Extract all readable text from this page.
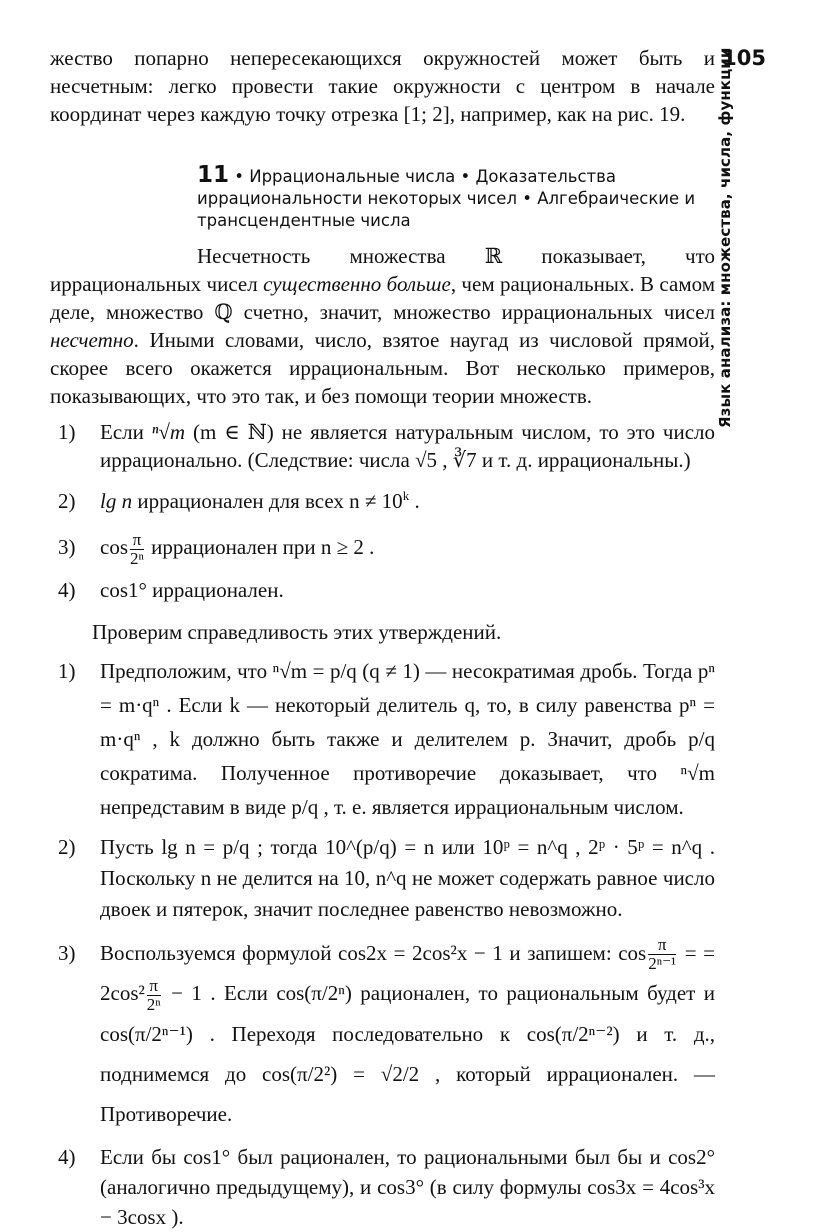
105
Язык анализа: множества, числа, функции

жество попарно непересекающихся окружностей может быть и несчетным: легко провести такие окружности с центром в начале координат через каждую точку отрезка [1; 2], например, как на рис. 19.

11 • Иррациональные числа • Доказательства иррациональности некоторых чисел • Алгебраические и трансцендентные числа

Несчетность множества ℝ показывает, что иррациональных чисел существенно больше, чем рациональных. В самом деле, множество ℚ счетно, значит, множество иррациональных чисел несчетно. Иными словами, число, взятое наугад из числовой прямой, скорее всего окажется иррациональным. Вот несколько примеров, показывающих, что это так, и без помощи теории множеств.

1)	Если ⁿ√m (m ∈ ℕ) не является натуральным числом, то это число иррационально. (Следствие: числа √5 , ∛7 и т. д. иррациональны.)
2)	lg n иррационален для всех $n \ne 10^k$ .
3)	$\cos \frac{\pi}{\text{2ⁿ}}$ иррационален при n ≥ 2 .
4)	cos1° иррационален.

Проверим справедливость этих утверждений.

1)	Предположим, что ⁿ√m = p/q (q ≠ 1) — несократимая дробь. Тогда pⁿ = m·qⁿ . Если k — некоторый делитель q, то, в силу равенства pⁿ = m·qⁿ , k должно быть также и делителем p. Значит, дробь p/q сократима. Полученное противоречие доказывает, что ⁿ√m непредставим в виде p/q , т. е. является иррациональным числом.
2)	Пусть lg n = p/q ; тогда 10^(p/q) = n или 10ᵖ = n^q , 2ᵖ · 5ᵖ = n^q . Поскольку n не делится на 10, n^q не может содержать равное число двоек и пятерок, значит последнее равенство невозможно.
3)	Воспользуемся формулой cos2x = 2cos²x − 1 и запишем: $\cos \frac{\pi}{\text{2ⁿ⁻¹}}$ = = $2\cos^2 \frac{\pi}{\text{2ⁿ}} - 1$ . Если cos(π/2ⁿ) рационален, то рациональным будет и cos(π/2ⁿ⁻¹) . Переходя последовательно к cos(π/2ⁿ⁻²) и т. д., поднимемся до cos(π/2²) = √2/2 , который иррационален. — Противоречие.
4)	Если бы cos1° был рационален, то рациональными был бы и cos2° (аналогично предыдущему), и cos3° (в силу формулы cos3x = 4cos³x − 3cosx ).
